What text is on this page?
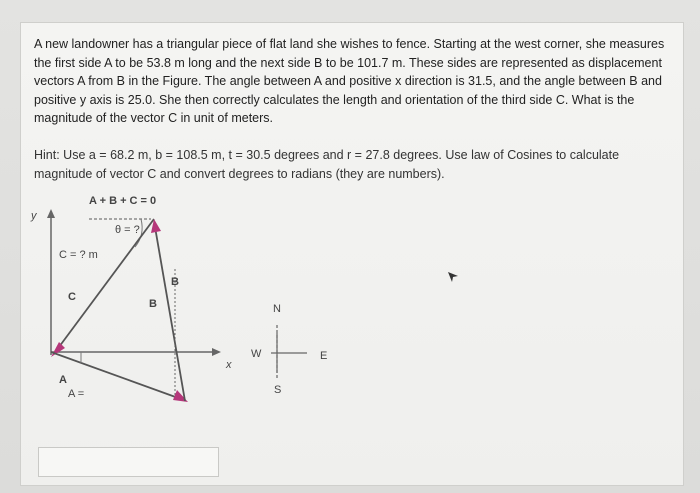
A new landowner has a triangular piece of flat land she wishes to fence. Starting at the west corner, she measures the first side A to be 53.8 m long and the next side B to be 101.7 m. These sides are represented as displacement vectors A from B in the Figure. The angle between A and positive x direction is 31.5, and the angle between B and positive y axis is 25.0. She then correctly calculates the length and orientation of the third side C. What is the magnitude of the vector C in unit of meters.
Hint: Use a = 68.2 m, b = 108.5 m, t = 30.5 degrees and r = 27.8 degrees. Use law of Cosines to calculate magnitude of vector C and convert degrees to radians (they are numbers).
A + B + C = 0
y
x
θ = ?
C = ? m
B
C
B
A
A =
N
W	E
S
